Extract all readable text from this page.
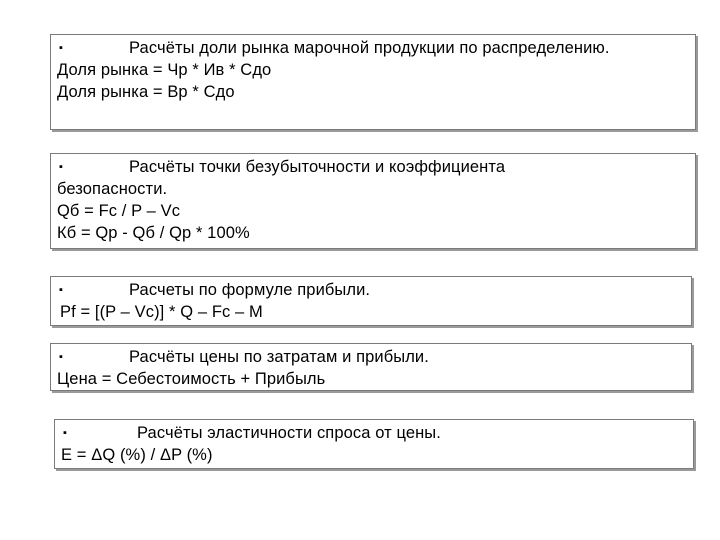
▪	Расчёты доли рынка марочной продукции по распределению.
Доля рынка = Чр * Ив * Сдо
Доля рынка = Вр * Сдо
▪	Расчёты точки безубыточности и коэффициента
безопасности.
Qб = Fc / P – Vc
Кб = Qp - Qб / Qp * 100%
▪	Расчеты по формуле прибыли.
Pf = [(P – Vc)] * Q – Fc – M
▪	Расчёты цены по затратам и прибыли.
Цена = Себестоимость + Прибыль
▪	Расчёты эластичности спроса от цены.
E = ΔQ (%) / ΔP (%)
